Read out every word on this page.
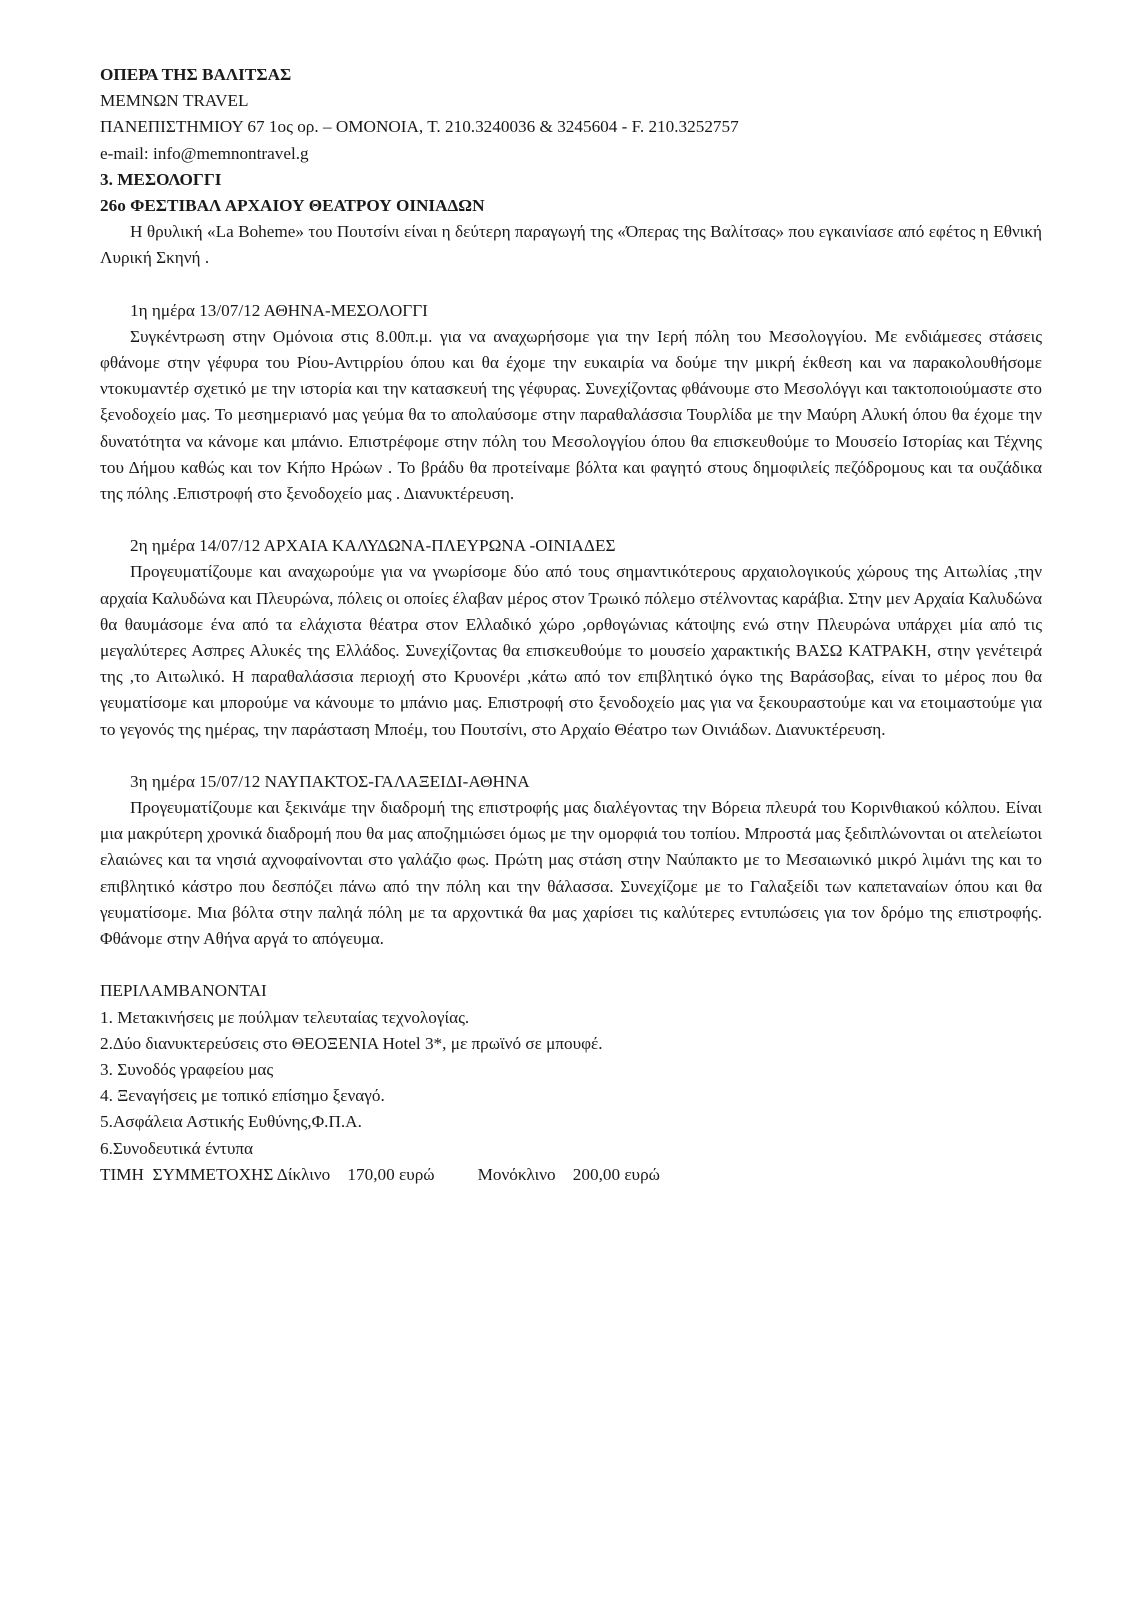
ΟΠΕΡΑ ΤΗΣ ΒΑΛΙΤΣΑΣ
ΜΕΜΝΩΝ TRAVEL
ΠΑΝΕΠΙΣΤΗΜΙΟΥ 67 1ος ορ. – ΟΜΟΝΟΙΑ, Τ. 210.3240036 & 3245604 - F. 210.3252757
e-mail: info@memnontravel.g
3. ΜΕΣΟΛΟΓΓΙ
26ο ΦΕΣΤΙΒΑΛ ΑΡΧΑΙΟΥ ΘΕΑΤΡΟΥ ΟΙΝΙΑΔΩΝ
Η θρυλική «La Boheme» του Πουτσίνι είναι η δεύτερη παραγωγή της «Όπερας της Βαλίτσας» που εγκαινίασε από εφέτος η Εθνική Λυρική Σκηνή .
1η ημέρα 13/07/12 ΑΘΗΝΑ-ΜΕΣΟΛΟΓΓΙ
Συγκέντρωση στην Ομόνοια στις 8.00π.μ. για να αναχωρήσομε για την Ιερή πόλη του Μεσολογγίου. Με ενδιάμεσες στάσεις φθάνομε στην γέφυρα του Ρίου-Αντιρρίου όπου και θα έχομε την ευκαιρία να δούμε την μικρή έκθεση και να παρακολουθήσομε ντοκυμαντέρ σχετικό με την ιστορία και την κατασκευή της γέφυρας. Συνεχίζοντας φθάνουμε στο Μεσολόγγι και τακτοποιούμαστε στο ξενοδοχείο μας. Το μεσημεριανό μας γεύμα θα το απολαύσομε στην παραθαλάσσια Τουρλίδα με την Μαύρη Αλυκή όπου θα έχομε την δυνατότητα να κάνομε και μπάνιο. Επιστρέφομε στην πόλη του Μεσολογγίου όπου θα επισκευθούμε το Μουσείο Ιστορίας και Τέχνης του Δήμου καθώς και τον Κήπο Ηρώων . Το βράδυ θα προτείναμε βόλτα και φαγητό στους δημοφιλείς πεζόδρομους και τα ουζάδικα της πόλης .Επιστροφή στο ξενοδοχείο μας . Διανυκτέρευση.
2η ημέρα 14/07/12 ΑΡΧΑΙΑ ΚΑΛΥΔΩΝΑ-ΠΛΕΥΡΩΝΑ -ΟΙΝΙΑΔΕΣ
Προγευματίζουμε και αναχωρούμε για να γνωρίσομε δύο από τους σημαντικότερους αρχαιολογικούς χώρους της Αιτωλίας ,την αρχαία Καλυδώνα και Πλευρώνα, πόλεις οι οποίες έλαβαν μέρος στον Τρωικό πόλεμο στέλνοντας καράβια. Στην μεν Αρχαία Καλυδώνα θα θαυμάσομε ένα από τα ελάχιστα θέατρα στον Ελλαδικό χώρο ,ορθογώνιας κάτοψης ενώ στην Πλευρώνα υπάρχει μία από τις μεγαλύτερες Ασπρες Αλυκές της Ελλάδος. Συνεχίζοντας θα επισκευθούμε το μουσείο χαρακτικής ΒΑΣΩ ΚΑΤΡΑΚΗ, στην γενέτειρά της ,το Αιτωλικό. Η παραθαλάσσια περιοχή στο Κρυονέρι ,κάτω από τον επιβλητικό όγκο της Βαράσοβας, είναι το μέρος που θα γευματίσομε και μπορούμε να κάνουμε το μπάνιο μας. Επιστροφή στο ξενοδοχείο μας για να ξεκουραστούμε και να ετοιμαστούμε για το γεγονός της ημέρας, την παράσταση Μποέμ, του Πουτσίνι, στο Αρχαίο Θέατρο των Οινιάδων. Διανυκτέρευση.
3η ημέρα 15/07/12 ΝΑΥΠΑΚΤΟΣ-ΓΑΛΑΞΕΙΔΙ-ΑΘΗΝΑ
Προγευματίζουμε και ξεκινάμε την διαδρομή της επιστροφής μας διαλέγοντας την Βόρεια πλευρά του Κορινθιακού κόλπου. Είναι μια μακρύτερη χρονικά διαδρομή που θα μας αποζημιώσει όμως με την ομορφιά του τοπίου. Μπροστά μας ξεδιπλώνονται οι ατελείωτοι ελαιώνες και τα νησιά αχνοφαίνονται στο γαλάζιο φως. Πρώτη μας στάση στην Ναύπακτο με το Μεσαιωνικό μικρό λιμάνι της και το επιβλητικό κάστρο που δεσπόζει πάνω από την πόλη και την θάλασσα. Συνεχίζομε με το Γαλαξείδι των καπεταναίων όπου και θα γευματίσομε. Μια βόλτα στην παληά πόλη με τα αρχοντικά θα μας χαρίσει τις καλύτερες εντυπώσεις για τον δρόμο της επιστροφής. Φθάνομε στην Αθήνα αργά το απόγευμα.
ΠΕΡΙΛΑΜΒΑΝΟΝΤΑΙ
1. Μετακινήσεις με πούλμαν τελευταίας τεχνολογίας.
2.Δύο διανυκτερεύσεις στο ΘΕΟΞΕΝΙΑ Hotel 3*, με πρωϊνό σε μπουφέ.
3. Συνοδός γραφείου μας
4. Ξεναγήσεις με τοπικό επίσημο ξεναγό.
5.Ασφάλεια Αστικής Ευθύνης,Φ.Π.Α.
6.Συνοδευτικά έντυπα
ΤΙΜΗ  ΣΥΜΜΕΤΟΧΗΣ Δίκλινο 170,00 ευρώ Μονόκλινο 200,00 ευρώ
